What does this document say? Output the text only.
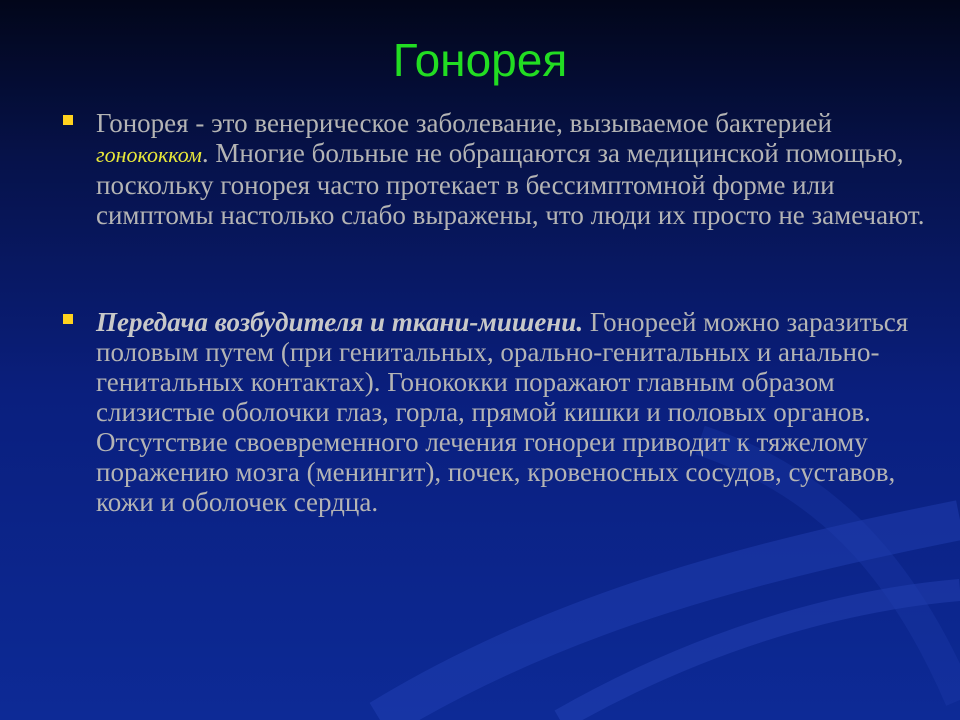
Гонорея
Гонорея - это венерическое заболевание, вызываемое бактерией гонококком. Многие больные не обращаются за медицинской помощью, поскольку гонорея часто протекает в бессимптомной форме или симптомы настолько слабо выражены, что люди их просто не замечают.
Передача возбудителя и ткани-мишени. Гонореей можно заразиться половым путем (при генитальных, орально-генитальных и анально-генитальных контактах). Гонококки поражают главным образом слизистые оболочки глаз, горла, прямой кишки и половых органов. Отсутствие своевременного лечения гонореи приводит к тяжелому поражению мозга (менингит), почек, кровеносных сосудов, суставов, кожи и оболочек сердца.
